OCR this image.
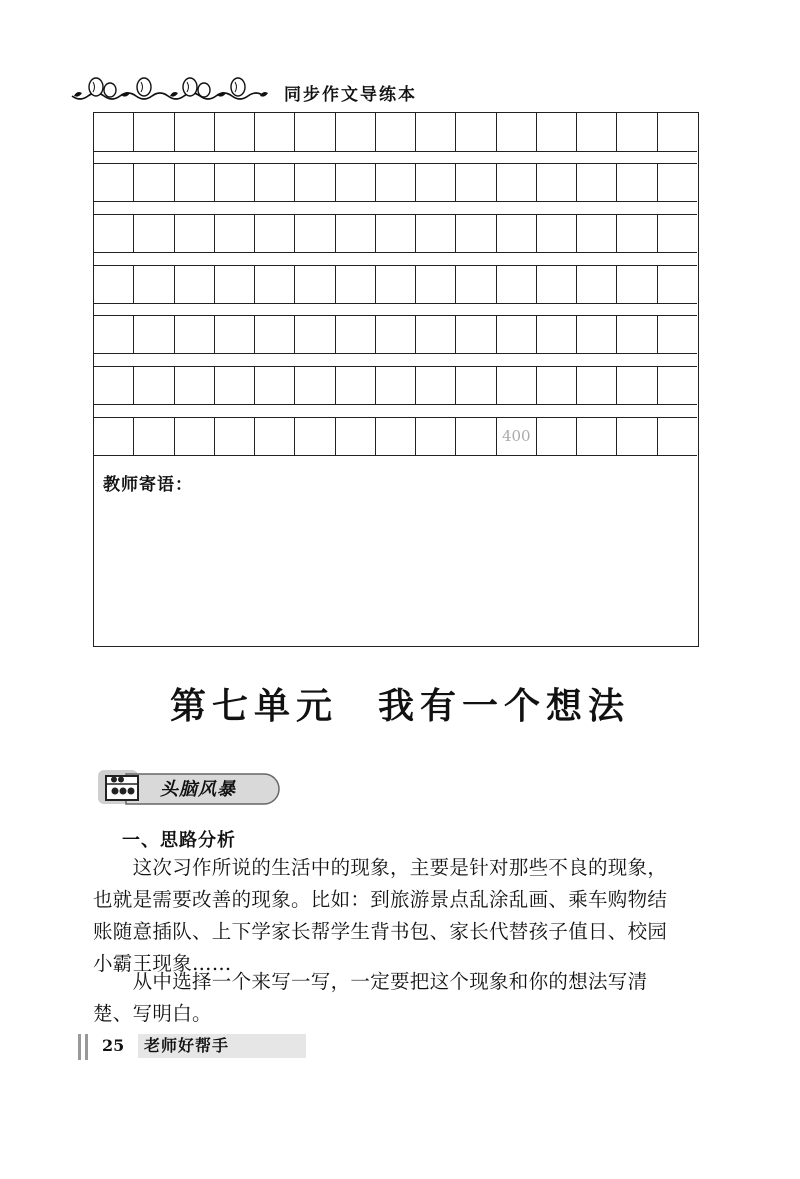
同步作文导练本
400
教师寄语：
第七单元 我有一个想法
头脑风暴
一、思路分析
　　这次习作所说的生活中的现象，主要是针对那些不良的现象，
也就是需要改善的现象。比如：到旅游景点乱涂乱画、乘车购物结
账随意插队、上下学家长帮学生背书包、家长代替孩子值日、校园
小霸王现象……
　　从中选择一个来写一写，一定要把这个现象和你的想法写清
楚、写明白。
25	老师好帮手
